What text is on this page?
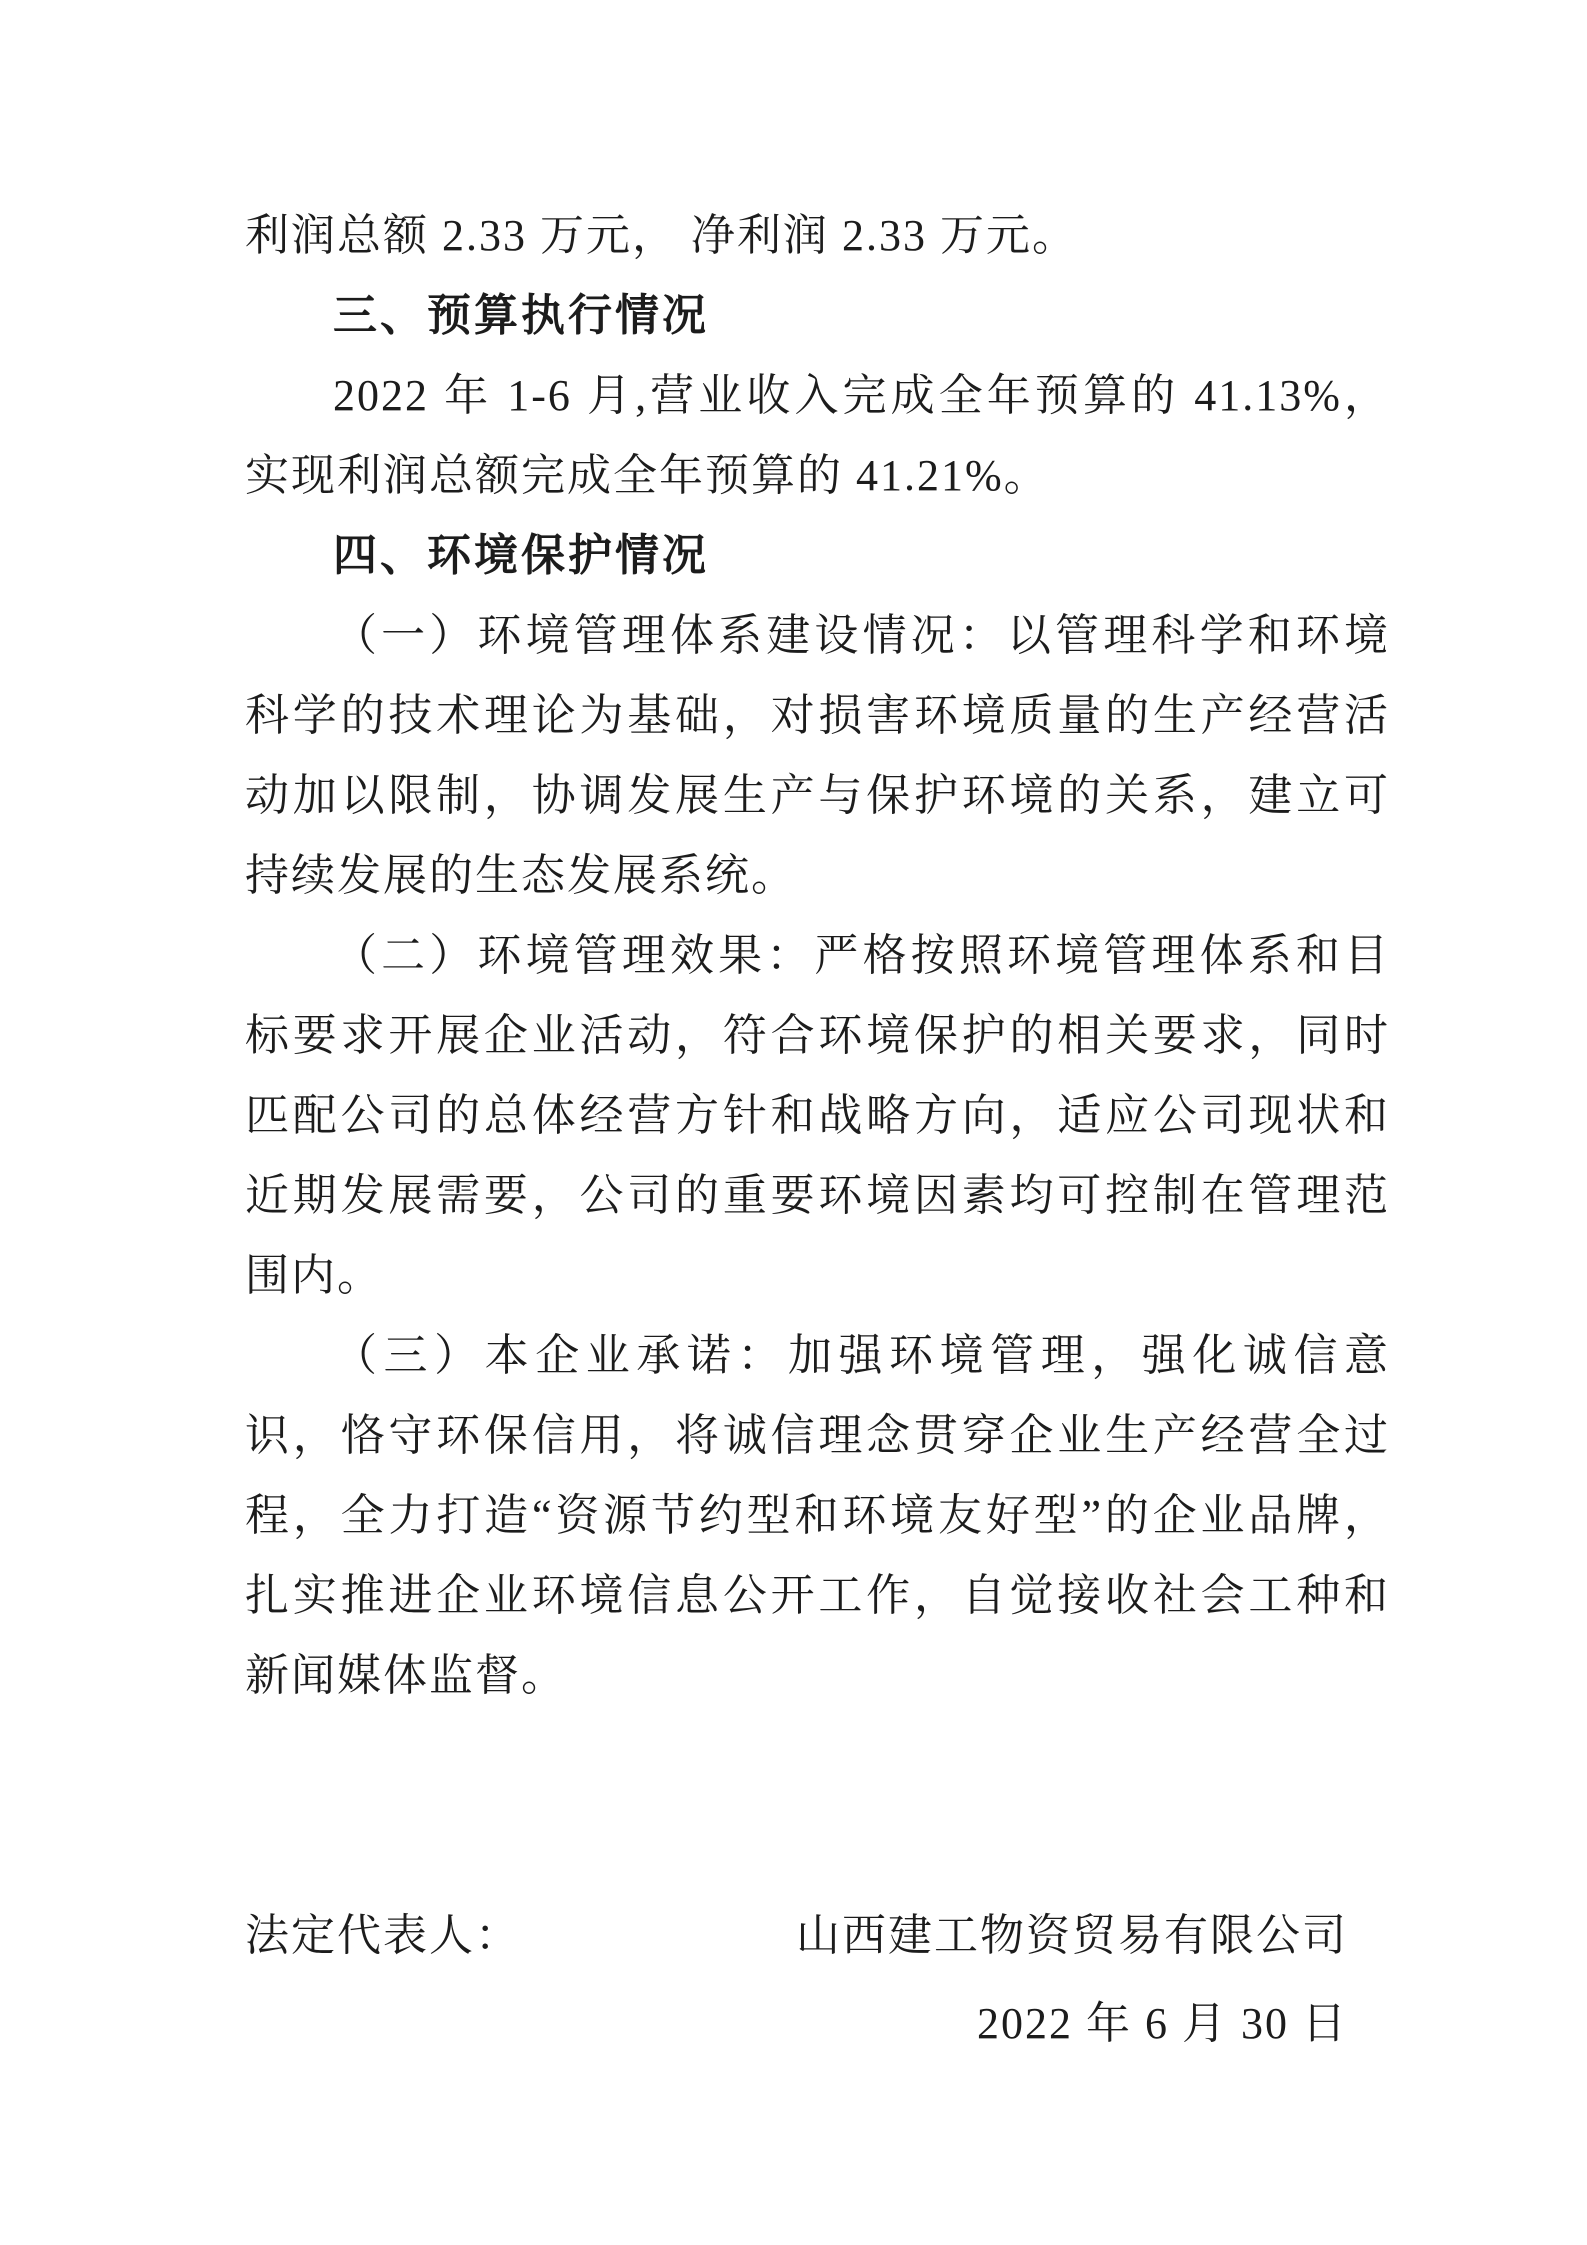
利润总额 2.33 万元， 净利润 2.33 万元。

三、预算执行情况

2022 年 1-6 月,营业收入完成全年预算的 41.13%，实现利润总额完成全年预算的 41.21%。

四、环境保护情况

（一）环境管理体系建设情况：以管理科学和环境科学的技术理论为基础，对损害环境质量的生产经营活动加以限制，协调发展生产与保护环境的关系，建立可持续发展的生态发展系统。

（二）环境管理效果：严格按照环境管理体系和目标要求开展企业活动，符合环境保护的相关要求，同时匹配公司的总体经营方针和战略方向，适应公司现状和近期发展需要，公司的重要环境因素均可控制在管理范围内。

（三）本企业承诺：加强环境管理，强化诚信意识，恪守环保信用，将诚信理念贯穿企业生产经营全过程，全力打造“资源节约型和环境友好型”的企业品牌，扎实推进企业环境信息公开工作，自觉接收社会工种和新闻媒体监督。

法定代表人：	山西建工物资贸易有限公司
2022 年 6 月 30 日
